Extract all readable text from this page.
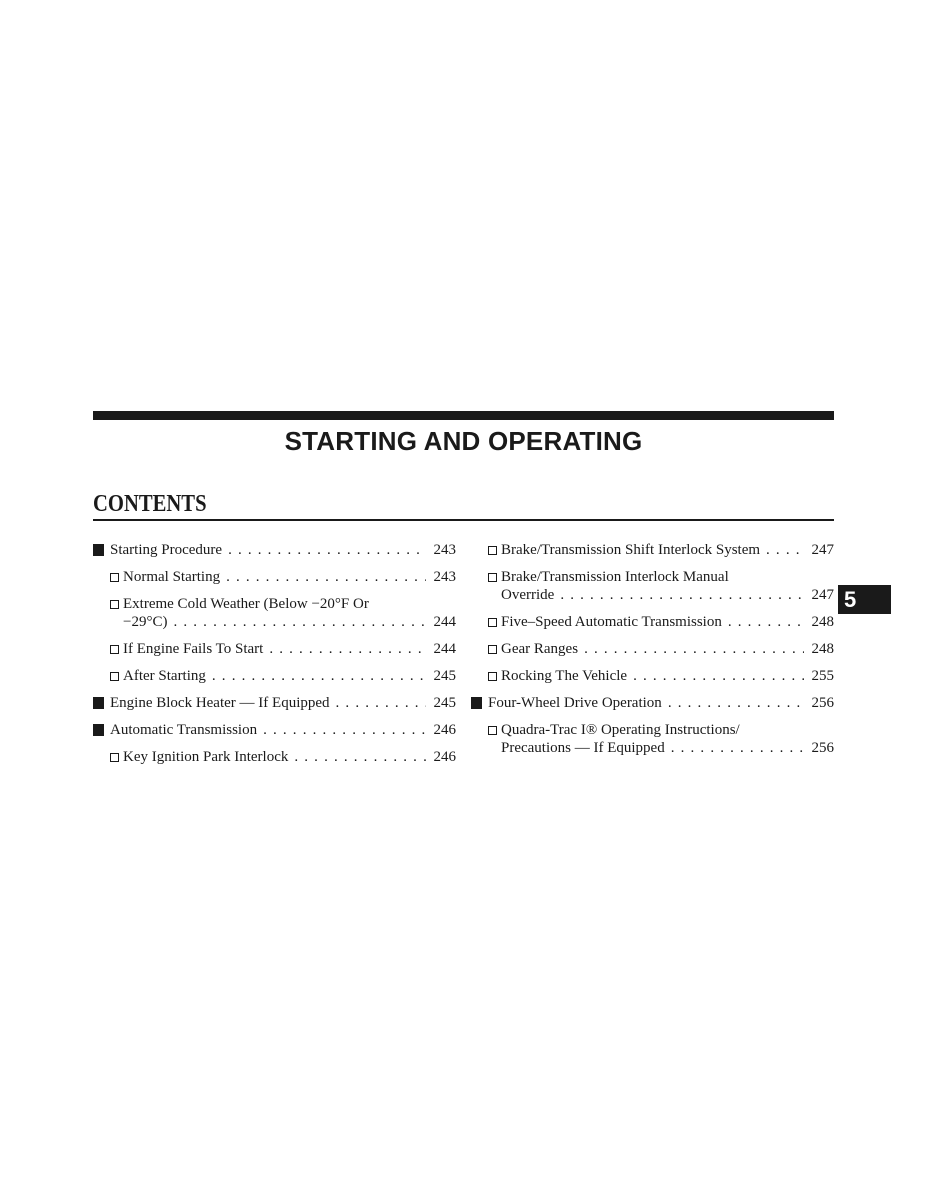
STARTING AND OPERATING
CONTENTS
Starting Procedure . . .	243
Normal Starting . . .	243
Extreme Cold Weather (Below −20°F Or
−29°C) . . .	244
If Engine Fails To Start . . .	244
After Starting . . .	245
Engine Block Heater — If Equipped . . .	245
Automatic Transmission . . .	246
Key Ignition Park Interlock . . .	246
Brake/Transmission Shift Interlock System . . .	247
Brake/Transmission Interlock Manual
Override . . .	247
Five–Speed Automatic Transmission . . .	248
Gear Ranges . . .	248
Rocking The Vehicle . . .	255
Four-Wheel Drive Operation . . .	256
Quadra-Trac I® Operating Instructions/
Precautions — If Equipped . . .	256
5
